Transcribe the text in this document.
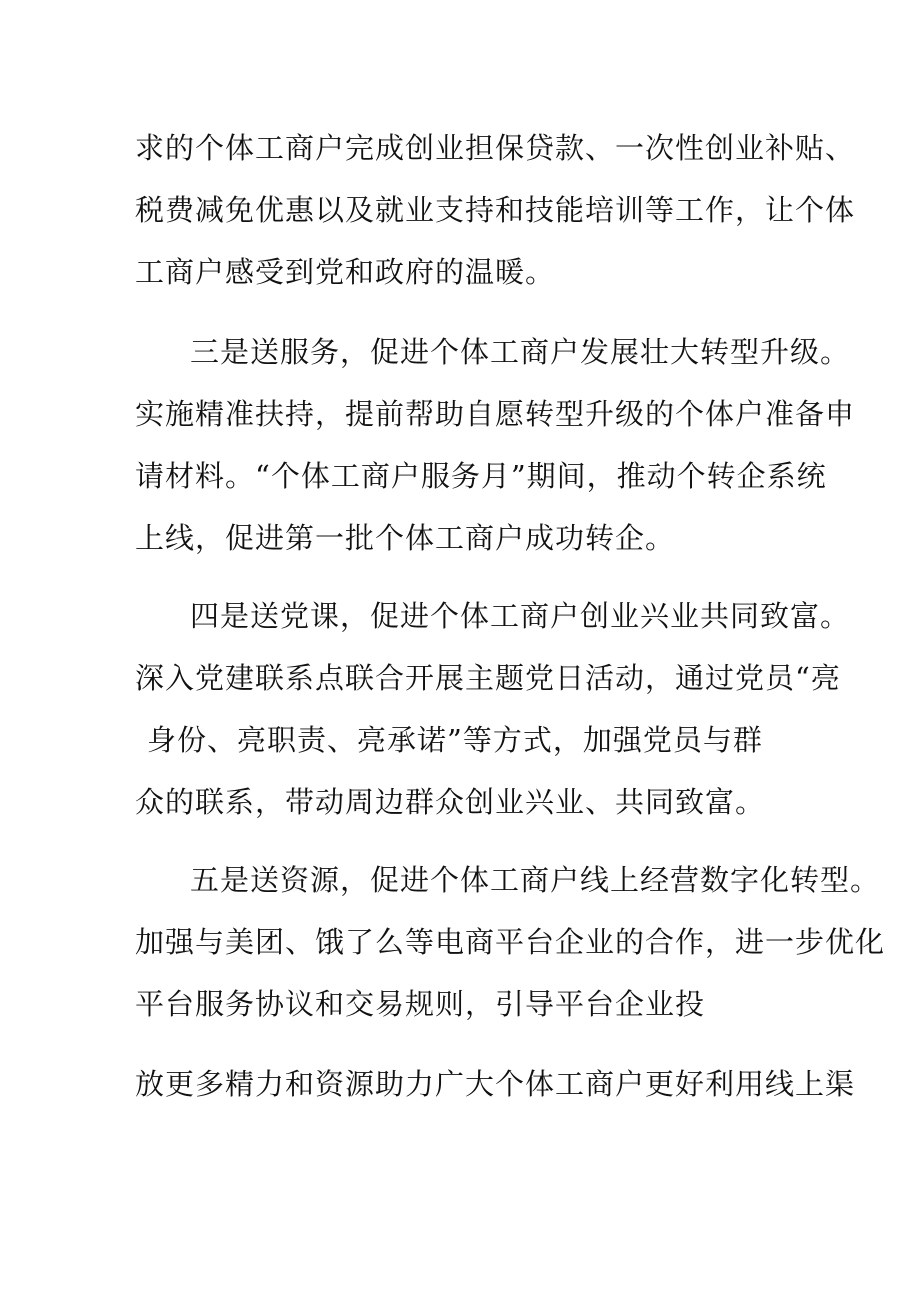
求的个体工商户完成创业担保贷款、一次性创业补贴、
税费减免优惠以及就业支持和技能培训等工作，让个体
工商户感受到党和政府的温暖。
三是送服务，促进个体工商户发展壮大转型升级。
实施精准扶持，提前帮助自愿转型升级的个体户准备申
请材料。“个体工商户服务月”期间，推动个转企系统
上线，促进第一批个体工商户成功转企。
四是送党课，促进个体工商户创业兴业共同致富。
深入党建联系点联合开展主题党日活动，通过党员“亮
身份、亮职责、亮承诺”等方式，加强党员与群
众的联系，带动周边群众创业兴业、共同致富。
五是送资源，促进个体工商户线上经营数字化转型。
加强与美团、饿了么等电商平台企业的合作，进一步优化
平台服务协议和交易规则，引导平台企业投
放更多精力和资源助力广大个体工商户更好利用线上渠
